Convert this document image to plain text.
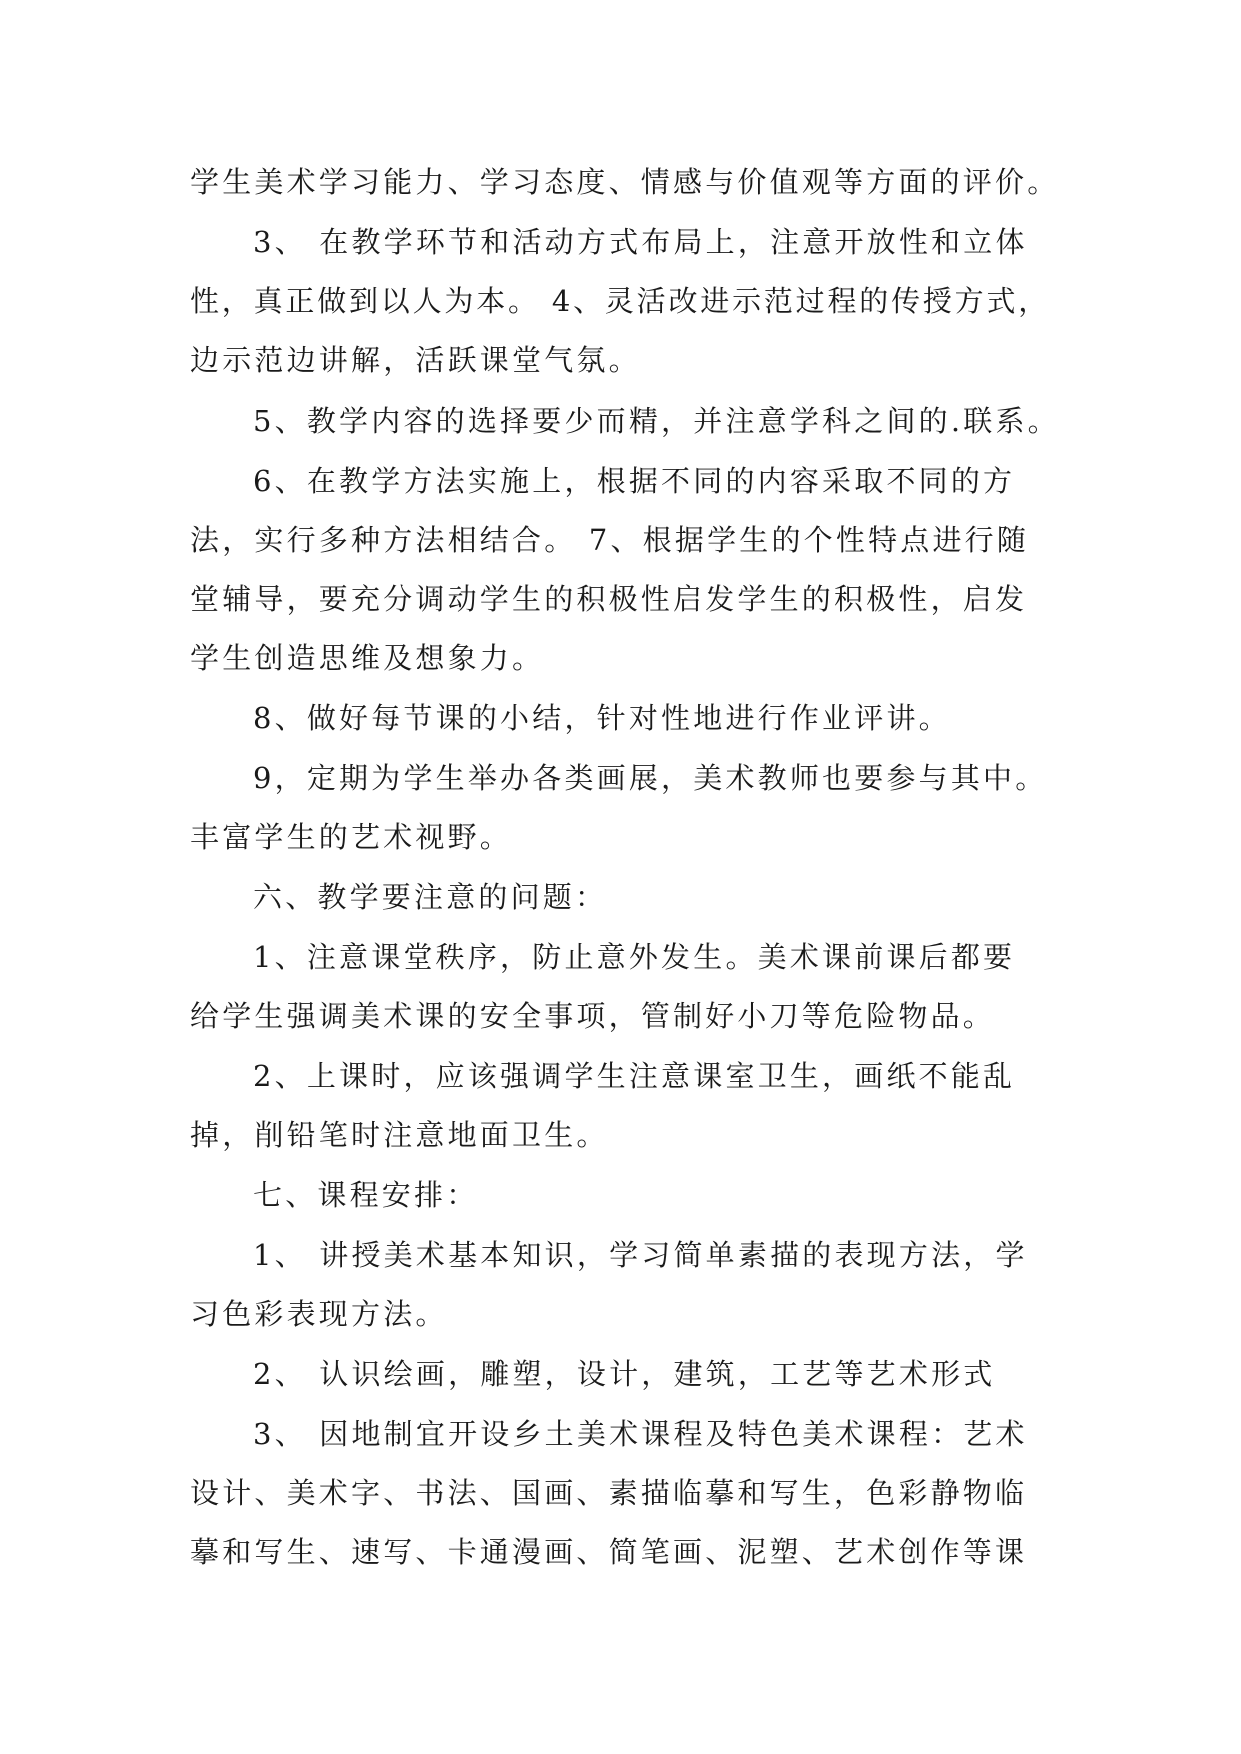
学生美术学习能力、学习态度、情感与价值观等方面的评价。
3、 在教学环节和活动方式布局上，注意开放性和立体
性，真正做到以人为本。 4、灵活改进示范过程的传授方式，
边示范边讲解，活跃课堂气氛。
5、教学内容的选择要少而精，并注意学科之间的.联系。
6、在教学方法实施上，根据不同的内容采取不同的方
法，实行多种方法相结合。 7、根据学生的个性特点进行随
堂辅导，要充分调动学生的积极性启发学生的积极性，启发
学生创造思维及想象力。
8、做好每节课的小结，针对性地进行作业评讲。
9，定期为学生举办各类画展，美术教师也要参与其中。
丰富学生的艺术视野。
六、教学要注意的问题：
1、注意课堂秩序，防止意外发生。美术课前课后都要
给学生强调美术课的安全事项，管制好小刀等危险物品。
2、上课时，应该强调学生注意课室卫生，画纸不能乱
掉，削铅笔时注意地面卫生。
七、课程安排：
1、 讲授美术基本知识，学习简单素描的表现方法，学
习色彩表现方法。
2、 认识绘画，雕塑，设计，建筑，工艺等艺术形式
3、 因地制宜开设乡土美术课程及特色美术课程：艺术
设计、美术字、书法、国画、素描临摹和写生，色彩静物临
摹和写生、速写、卡通漫画、简笔画、泥塑、艺术创作等课
